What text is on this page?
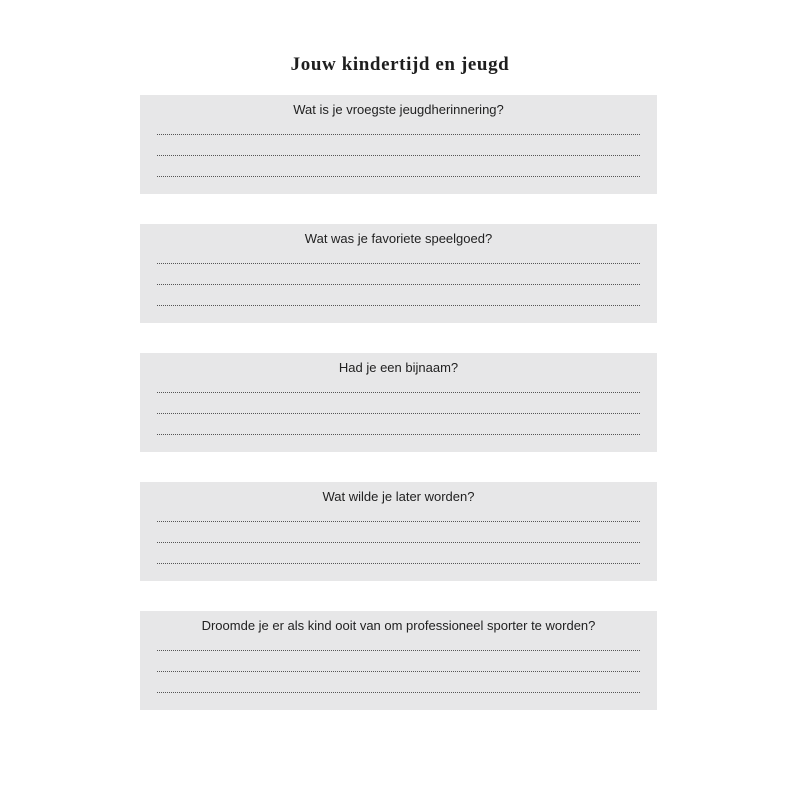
Jouw kindertijd en jeugd

Wat is je vroegste jeugdherinnering?

Wat was je favoriete speelgoed?

Had je een bijnaam?

Wat wilde je later worden?

Droomde je er als kind ooit van om professioneel sporter te worden?
